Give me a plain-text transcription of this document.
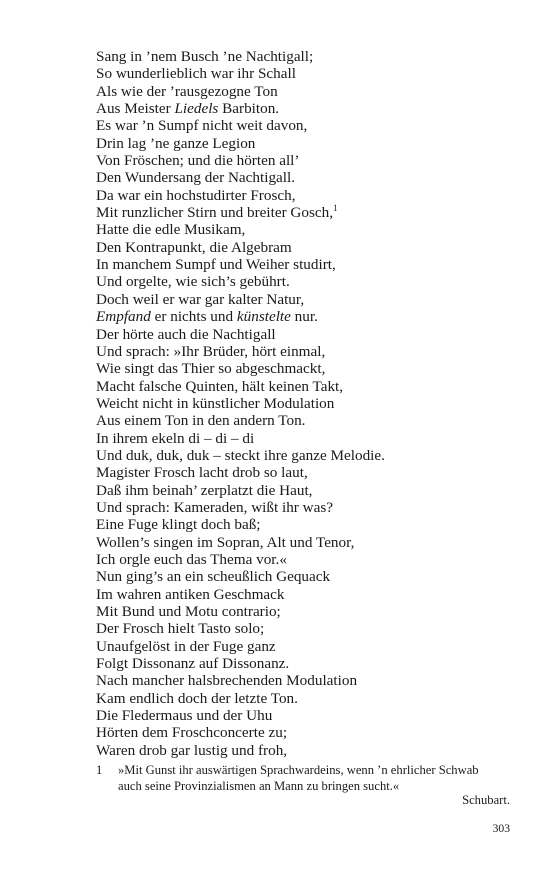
Sang in ’nem Busch ’ne Nachtigall;
So wunderlieblich war ihr Schall
Als wie der ’rausgezogne Ton
Aus Meister Liedels Barbiton.
Es war ’n Sumpf nicht weit davon,
Drin lag ’ne ganze Legion
Von Fröschen; und die hörten all’
Den Wundersang der Nachtigall.
Da war ein hochstudirter Frosch,
Mit runzlicher Stirn und breiter Gosch,$^1$
Hatte die edle Musikam,
Den Kontrapunkt, die Algebram
In manchem Sumpf und Weiher studirt,
Und orgelte, wie sich’s gebührt.
Doch weil er war gar kalter Natur,
Empfand er nichts und künstelte nur.
Der hörte auch die Nachtigall
Und sprach: »Ihr Brüder, hört einmal,
Wie singt das Thier so abgeschmackt,
Macht falsche Quinten, hält keinen Takt,
Weicht nicht in künstlicher Modulation
Aus einem Ton in den andern Ton.
In ihrem ekeln di – di – di
Und duk, duk, duk – steckt ihre ganze Melodie.
Magister Frosch lacht drob so laut,
Daß ihm beinah’ zerplatzt die Haut,
Und sprach: Kameraden, wißt ihr was?
Eine Fuge klingt doch baß;
Wollen’s singen im Sopran, Alt und Tenor,
Ich orgle euch das Thema vor.«
Nun ging’s an ein scheußlich Gequack
Im wahren antiken Geschmack
Mit Bund und Motu contrario;
Der Frosch hielt Tasto solo;
Unaufgelöst in der Fuge ganz
Folgt Dissonanz auf Dissonanz.
Nach mancher halsbrechenden Modulation
Kam endlich doch der letzte Ton.
Die Fledermaus und der Uhu
Hörten dem Froschconcerte zu;
Waren drob gar lustig und froh,
1 »Mit Gunst ihr auswärtigen Sprachwardeins, wenn ’n ehrlicher Schwab
auch seine Provinzialismen an Mann zu bringen sucht.«
Schubart.
303
